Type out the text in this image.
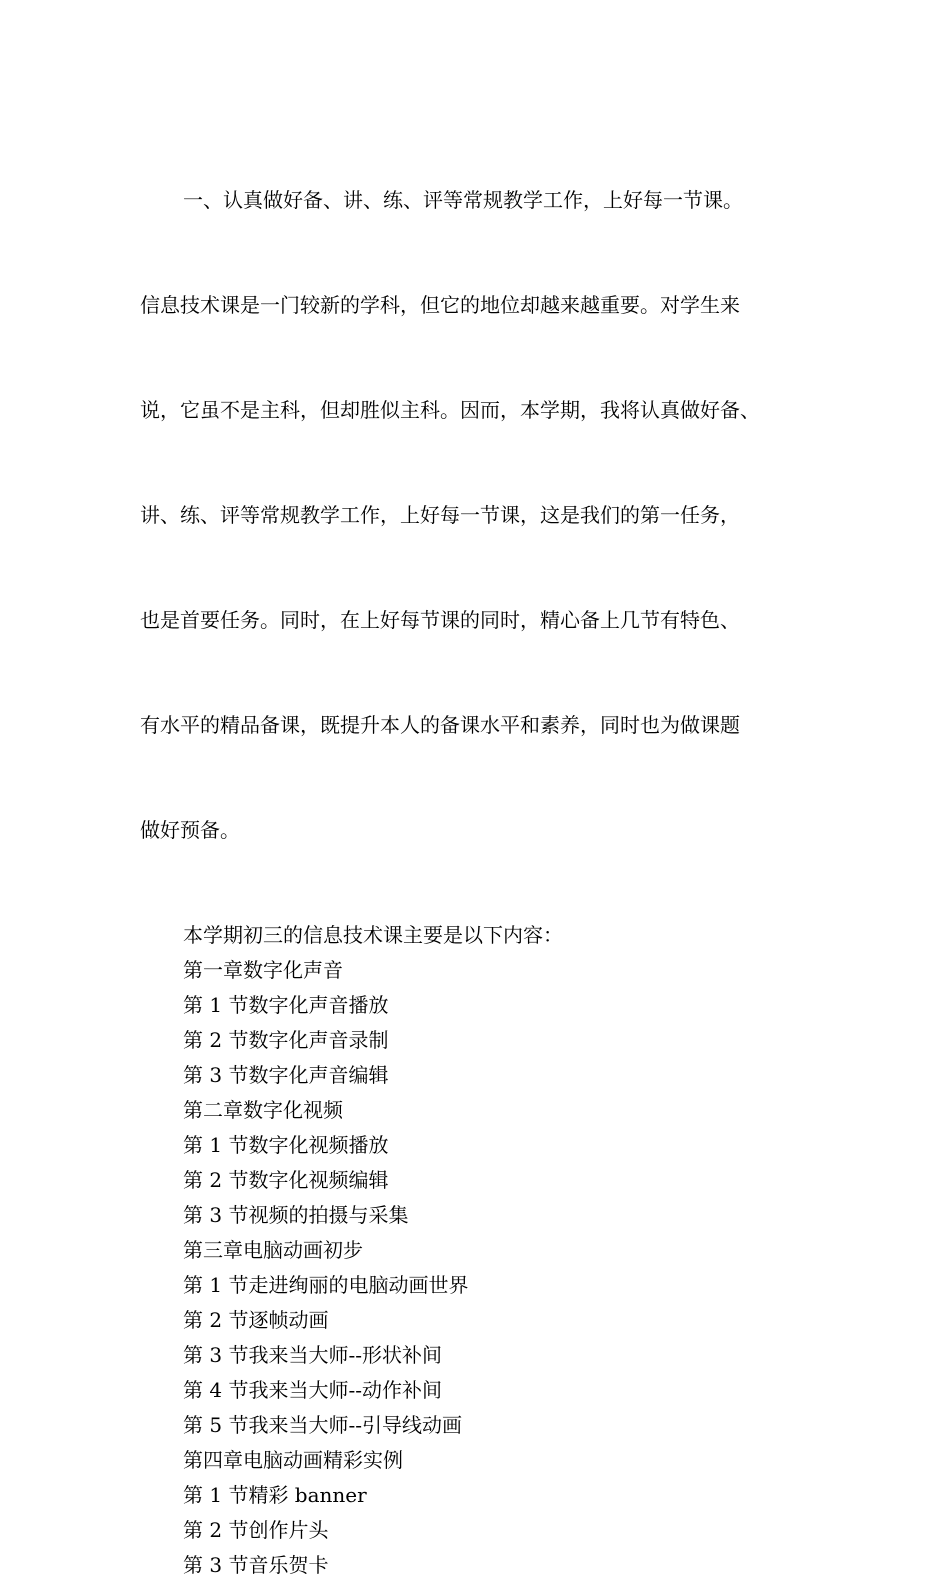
一、认真做好备、讲、练、评等常规教学工作，上好每一节课。

信息技术课是一门较新的学科，但它的地位却越来越重要。对学生来

说，它虽不是主科，但却胜似主科。因而，本学期，我将认真做好备、

讲、练、评等常规教学工作，上好每一节课，这是我们的第一任务，

也是首要任务。同时，在上好每节课的同时，精心备上几节有特色、

有水平的精品备课，既提升本人的备课水平和素养，同时也为做课题

做好预备。

本学期初三的信息技术课主要是以下内容：
第一章数字化声音
第 1 节数字化声音播放
第 2 节数字化声音录制
第 3 节数字化声音编辑
第二章数字化视频
第 1 节数字化视频播放
第 2 节数字化视频编辑
第 3 节视频的拍摄与采集
第三章电脑动画初步
第 1 节走进绚丽的电脑动画世界
第 2 节逐帧动画
第 3 节我来当大师--形状补间
第 4 节我来当大师--动作补间
第 5 节我来当大师--引导线动画
第四章电脑动画精彩实例
第 1 节精彩 banner
第 2 节创作片头
第 3 节音乐贺卡
